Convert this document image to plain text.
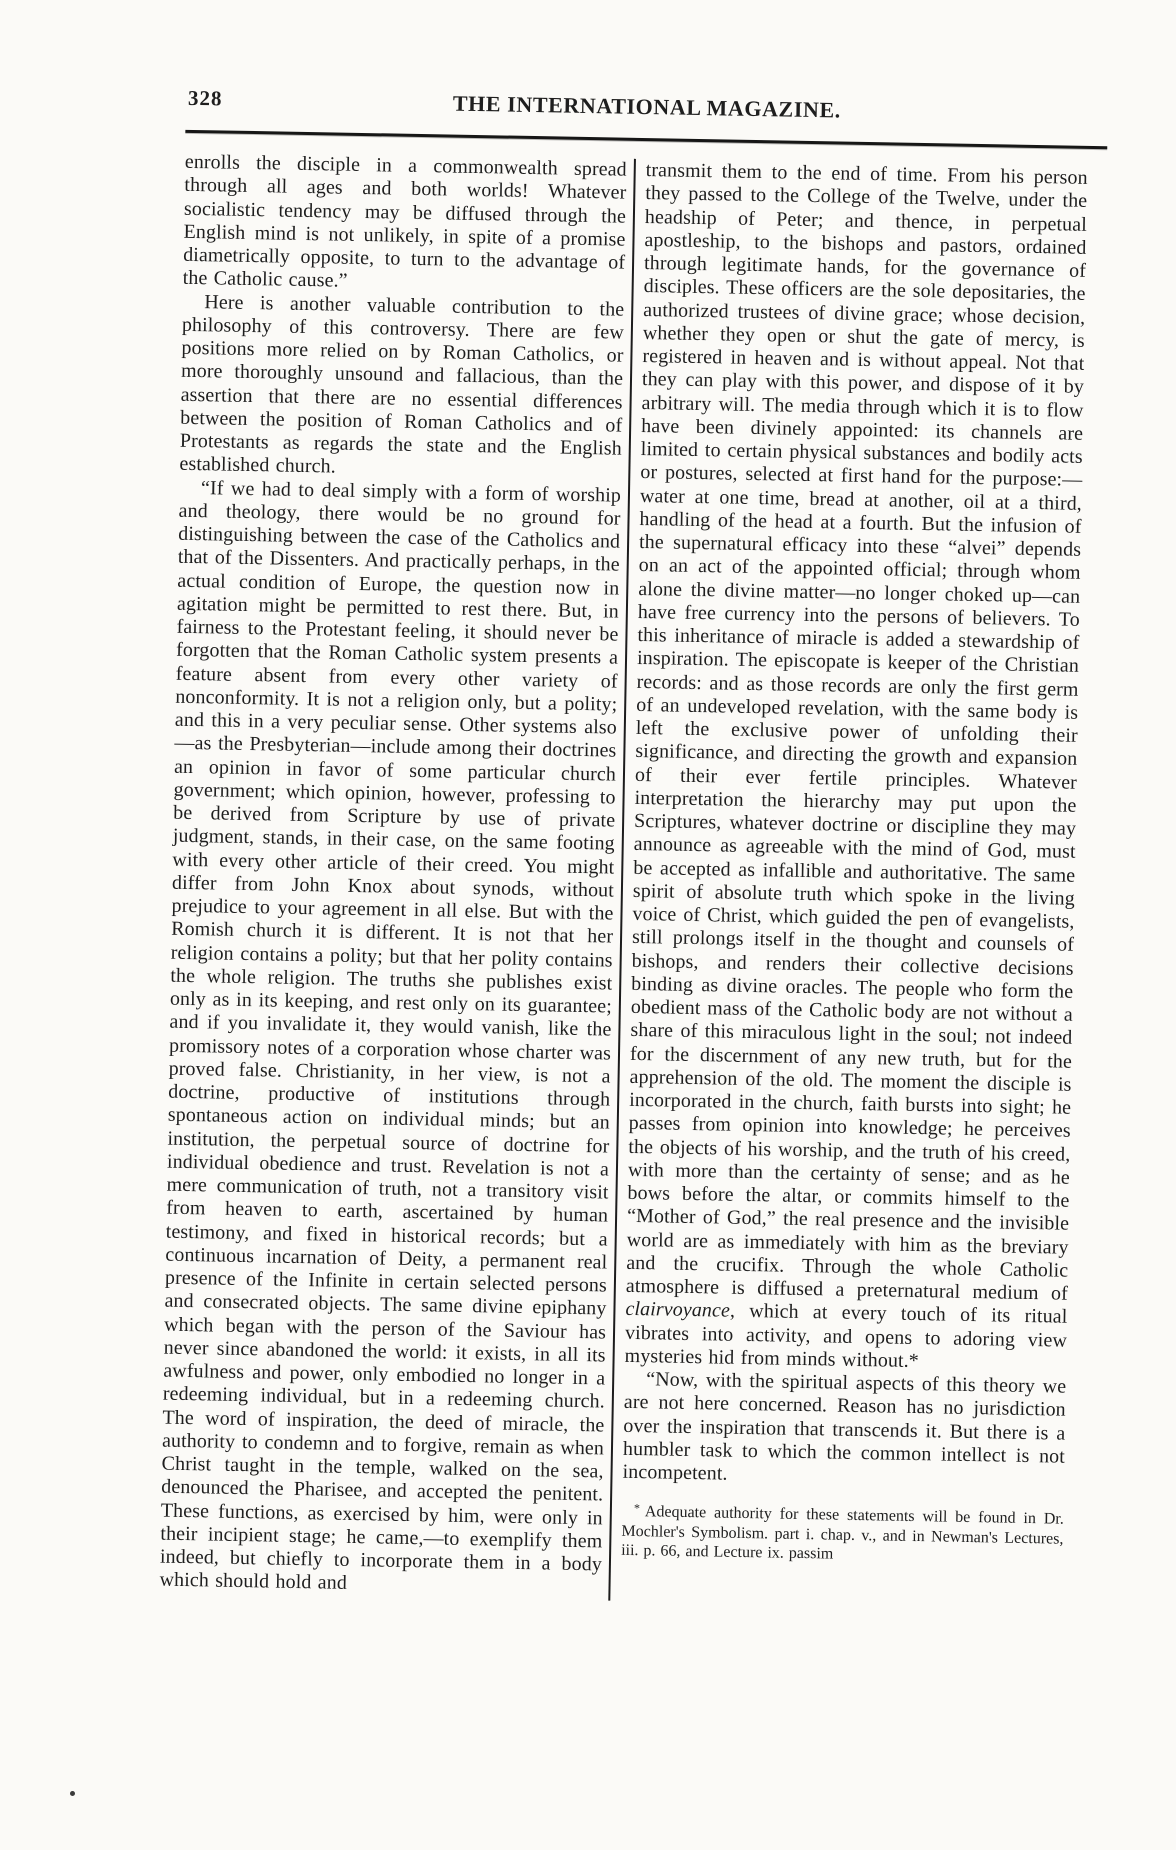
328	THE INTERNATIONAL MAGAZINE.

enrolls the disciple in a commonwealth spread through all ages and both worlds! Whatever socialistic tendency may be diffused through the English mind is not unlikely, in spite of a promise diametrically opposite, to turn to the advantage of the Catholic cause.”

Here is another valuable contribution to the philosophy of this controversy. There are few positions more relied on by Roman Catholics, or more thoroughly unsound and fallacious, than the assertion that there are no essential differences between the position of Roman Catholics and of Protestants as regards the state and the English established church.

“If we had to deal simply with a form of worship and theology, there would be no ground for distinguishing between the case of the Catholics and that of the Dissenters. And practically perhaps, in the actual condition of Europe, the question now in agitation might be permitted to rest there. But, in fairness to the Protestant feeling, it should never be forgotten that the Roman Catholic system presents a feature absent from every other variety of nonconformity. It is not a religion only, but a polity; and this in a very peculiar sense. Other systems also—as the Presbyterian—include among their doctrines an opinion in favor of some particular church government; which opinion, however, professing to be derived from Scripture by use of private judgment, stands, in their case, on the same footing with every other article of their creed. You might differ from John Knox about synods, without prejudice to your agreement in all else. But with the Romish church it is different. It is not that her religion contains a polity; but that her polity contains the whole religion. The truths she publishes exist only as in its keeping, and rest only on its guarantee; and if you invalidate it, they would vanish, like the promissory notes of a corporation whose charter was proved false. Christianity, in her view, is not a doctrine, productive of institutions through spontaneous action on individual minds; but an institution, the perpetual source of doctrine for individual obedience and trust. Revelation is not a mere communication of truth, not a transitory visit from heaven to earth, ascertained by human testimony, and fixed in historical records; but a continuous incarnation of Deity, a permanent real presence of the Infinite in certain selected persons and consecrated objects. The same divine epiphany which began with the person of the Saviour has never since abandoned the world: it exists, in all its awfulness and power, only embodied no longer in a redeeming individual, but in a redeeming church. The word of inspiration, the deed of miracle, the authority to condemn and to forgive, remain as when Christ taught in the temple, walked on the sea, denounced the Pharisee, and accepted the penitent. These functions, as exercised by him, were only in their incipient stage; he came,—to exemplify them indeed, but chiefly to incorporate them in a body which should hold and

transmit them to the end of time. From his person they passed to the College of the Twelve, under the headship of Peter; and thence, in perpetual apostleship, to the bishops and pastors, ordained through legitimate hands, for the governance of disciples. These officers are the sole depositaries, the authorized trustees of divine grace; whose decision, whether they open or shut the gate of mercy, is registered in heaven and is without appeal. Not that they can play with this power, and dispose of it by arbitrary will. The media through which it is to flow have been divinely appointed: its channels are limited to certain physical substances and bodily acts or postures, selected at first hand for the purpose:—water at one time, bread at another, oil at a third, handling of the head at a fourth. But the infusion of the supernatural efficacy into these “alvei” depends on an act of the appointed official; through whom alone the divine matter—no longer choked up—can have free currency into the persons of believers. To this inheritance of miracle is added a stewardship of inspiration. The episcopate is keeper of the Christian records: and as those records are only the first germ of an undeveloped revelation, with the same body is left the exclusive power of unfolding their significance, and directing the growth and expansion of their ever fertile principles. Whatever interpretation the hierarchy may put upon the Scriptures, whatever doctrine or discipline they may announce as agreeable with the mind of God, must be accepted as infallible and authoritative. The same spirit of absolute truth which spoke in the living voice of Christ, which guided the pen of evangelists, still prolongs itself in the thought and counsels of bishops, and renders their collective decisions binding as divine oracles. The people who form the obedient mass of the Catholic body are not without a share of this miraculous light in the soul; not indeed for the discernment of any new truth, but for the apprehension of the old. The moment the disciple is incorporated in the church, faith bursts into sight; he passes from opinion into knowledge; he perceives the objects of his worship, and the truth of his creed, with more than the certainty of sense; and as he bows before the altar, or commits himself to the “Mother of God,” the real presence and the invisible world are as immediately with him as the breviary and the crucifix. Through the whole Catholic atmosphere is diffused a preternatural medium of clairvoyance, which at every touch of its ritual vibrates into activity, and opens to adoring view mysteries hid from minds without.*

“Now, with the spiritual aspects of this theory we are not here concerned. Reason has no jurisdiction over the inspiration that transcends it. But there is a humbler task to which the common intellect is not incompetent.

* Adequate authority for these statements will be found in Dr. Mochler's Symbolism. part i. chap. v., and in Newman's Lectures, iii. p. 66, and Lecture ix. passim
